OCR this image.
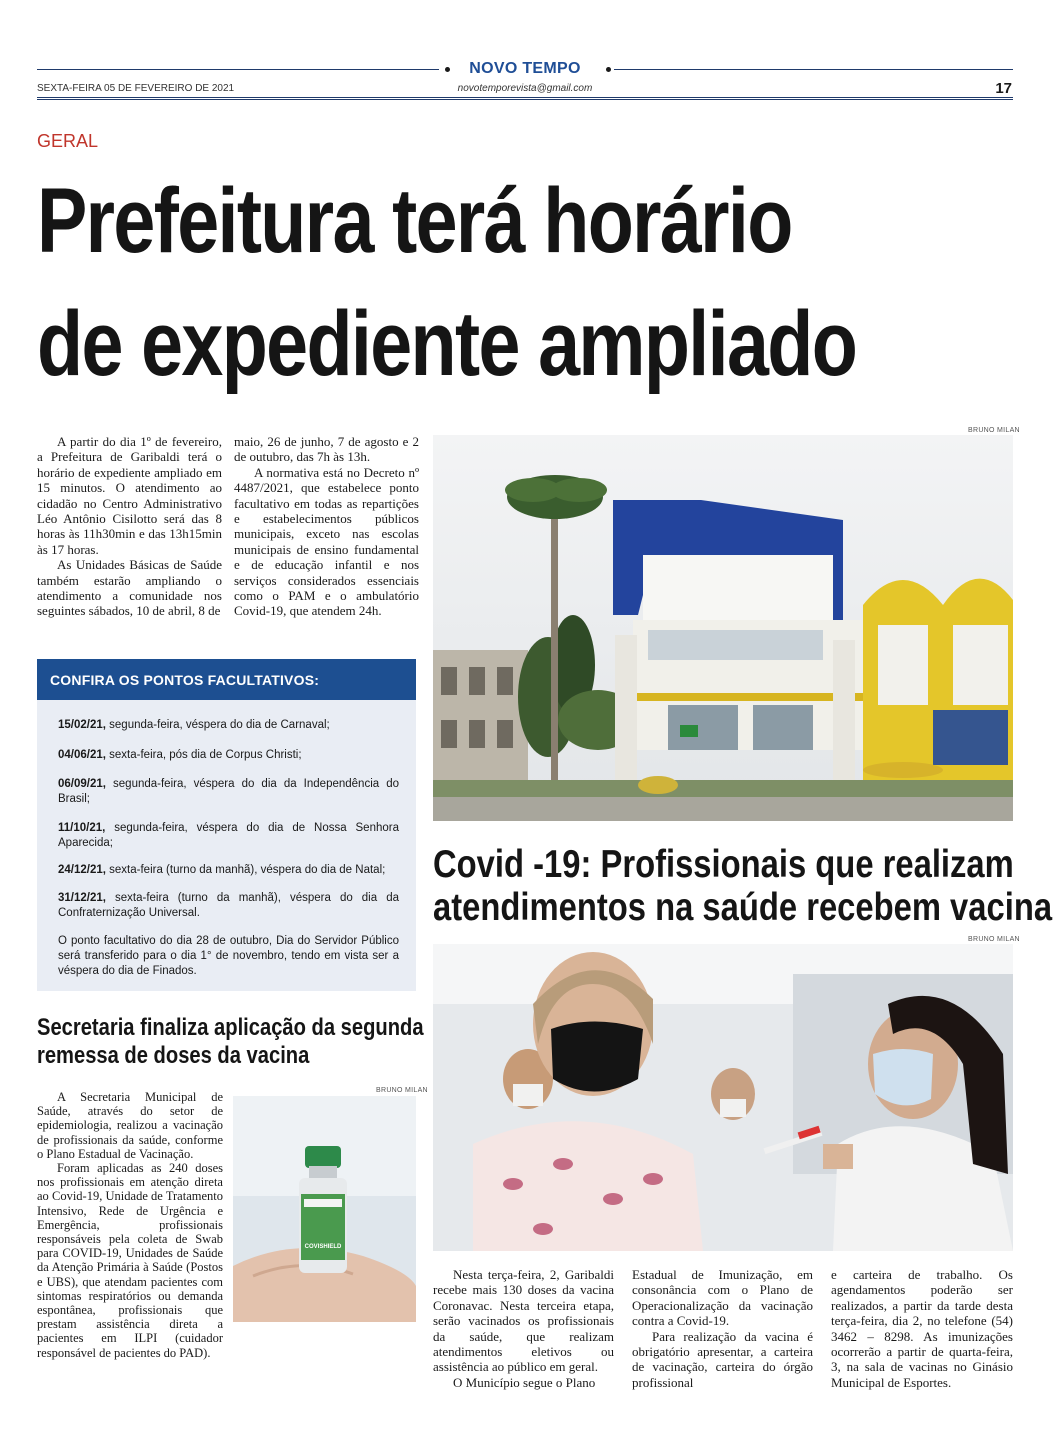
NOVO TEMPO
SEXTA-FEIRA 05 DE FEVEREIRO DE 2021	novotemporevista@gmail.com	17
GERAL
Prefeitura terá horário
de expediente ampliado

A partir do dia 1º de fevereiro, a Prefeitura de Garibaldi terá o horário de expediente ampliado em 15 minutos. O atendimento ao cidadão no Centro Administrativo Léo Antônio Cisilotto será das 8 horas às 11h30min e das 13h15min às 17 horas.

As Unidades Básicas de Saúde também estarão ampliando o atendimento a comunidade nos seguintes sábados, 10 de abril, 8 de

maio, 26 de junho, 7 de agosto e 2 de outubro, das 7h às 13h.

A normativa está no Decreto nº 4487/2021, que estabelece ponto facultativo em todas as repartições e estabelecimentos públicos municipais, exceto nas escolas municipais de ensino fundamental e de educação infantil e nos serviços considerados essenciais como o PAM e o ambulatório Covid-19, que atendem 24h.

BRUNO MILAN
CONFIRA OS PONTOS FACULTATIVOS:
15/02/21, segunda-feira, véspera do dia de Carnaval;
04/06/21, sexta-feira, pós dia de Corpus Christi;
06/09/21, segunda-feira, véspera do dia da Independência do Brasil;
11/10/21, segunda-feira, véspera do dia de Nossa Senhora Aparecida;
24/12/21, sexta-feira (turno da manhã), véspera do dia de Natal;
31/12/21, sexta-feira (turno da manhã), véspera do dia da Confraternização Universal.
O ponto facultativo do dia 28 de outubro, Dia do Servidor Público será transferido para o dia 1° de novembro, tendo em vista ser a véspera do dia de Finados.
Covid -19: Profissionais que realizam
atendimentos na saúde recebem vacina
BRUNO MILAN

Nesta terça-feira, 2, Garibaldi recebe mais 130 doses da vacina Coronavac. Nesta terceira etapa, serão vacinados os profissionais da saúde, que realizam atendimentos eletivos ou assistência ao público em geral.

O Município segue o Plano

Estadual de Imunização, em consonância com o Plano de Operacionalização da vacinação contra a Covid-19.

Para realização da vacina é obrigatório apresentar, a carteira de vacinação, carteira do órgão profissional

e carteira de trabalho. Os agendamentos poderão ser realizados, a partir da tarde desta terça-feira, dia 2, no telefone (54) 3462 – 8298. As imunizações ocorrerão a partir de quarta-feira, 3, na sala de vacinas no Ginásio Municipal de Esportes.

Secretaria finaliza aplicação da segunda
remessa de doses da vacina

A Secretaria Municipal de Saúde, através do setor de epidemiologia, realizou a vacinação de profissionais da saúde, conforme o Plano Estadual de Vacinação.

Foram aplicadas as 240 doses nos profissionais em atenção direta ao Covid-19, Unidade de Tratamento Intensivo, Rede de Urgência e Emergência, profissionais responsáveis pela coleta de Swab para COVID-19, Unidades de Saúde da Atenção Primária à Saúde (Postos e UBS), que atendam pacientes com sintomas respiratórios ou demanda espontânea, profissionais que prestam assistência direta a pacientes em ILPI (cuidador responsável de pacientes do PAD).

BRUNO MILAN
COVISHIELD
